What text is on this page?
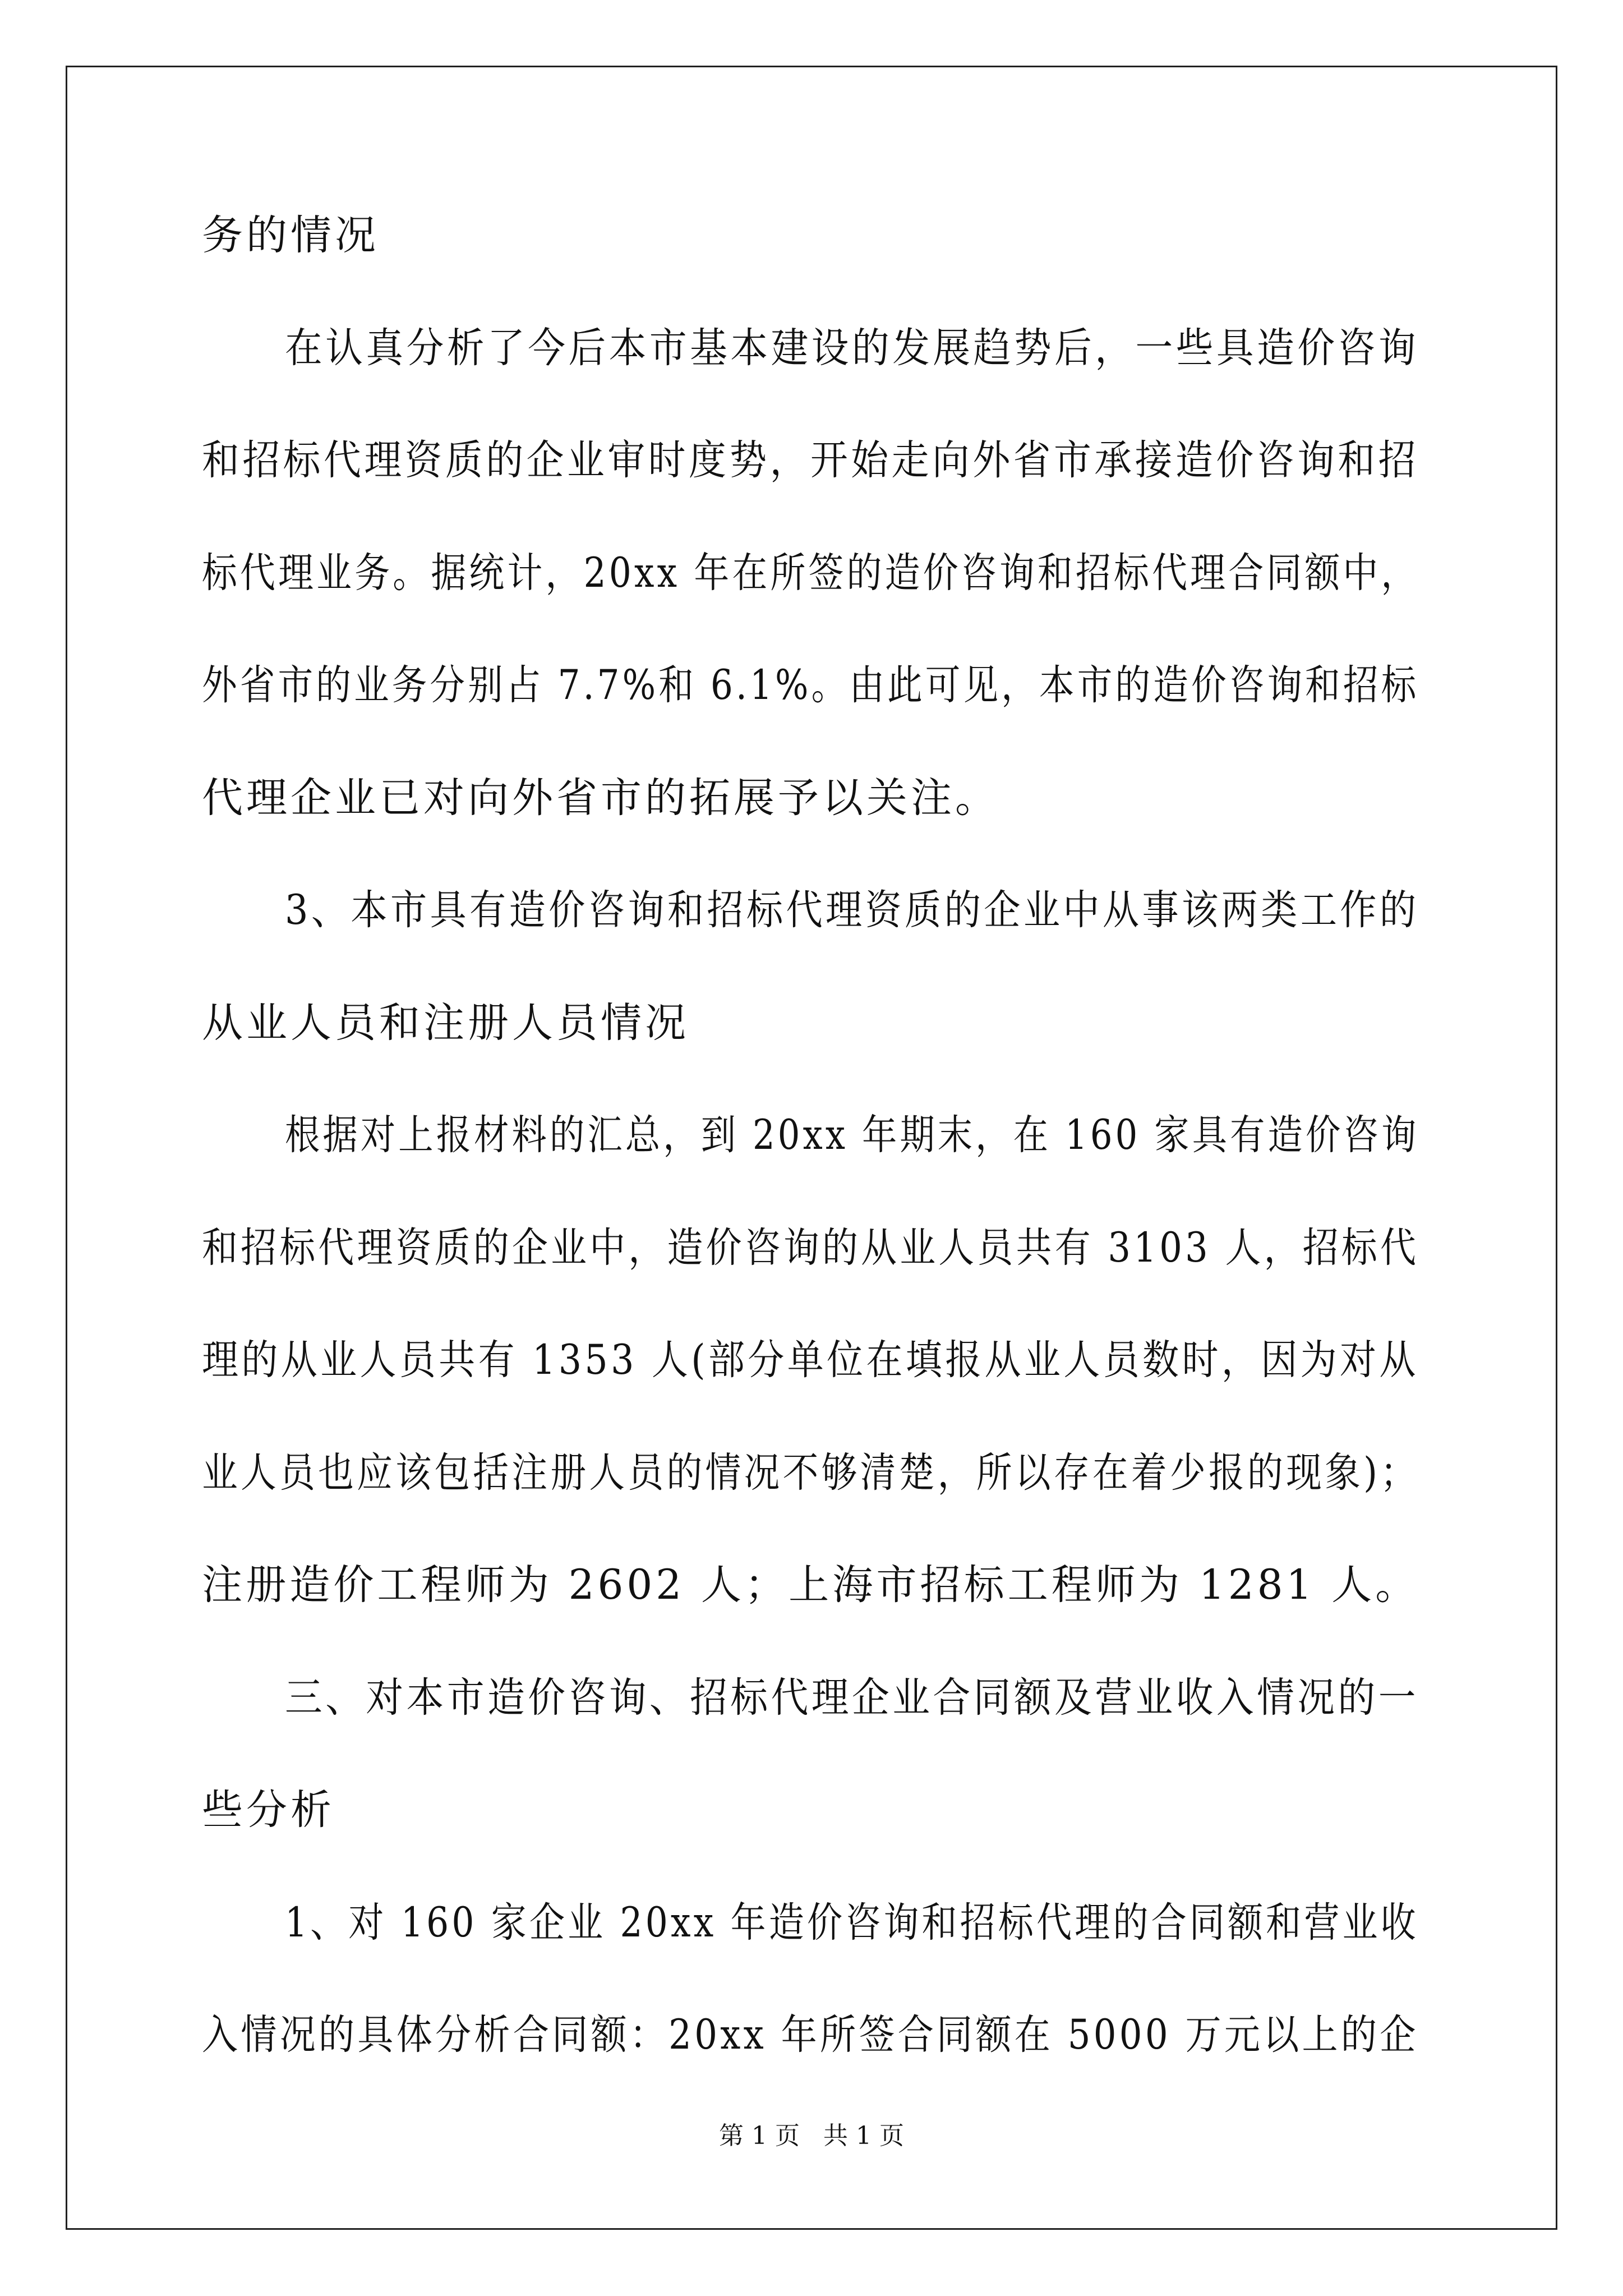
务的情况
在认真分析了今后本市基本建设的发展趋势后，一些具造价咨询
和招标代理资质的企业审时度势，开始走向外省市承接造价咨询和招
标代理业务。据统计，20xx 年在所签的造价咨询和招标代理合同额中，
外省市的业务分别占 7.7%和 6.1%。由此可见，本市的造价咨询和招标
代理企业已对向外省市的拓展予以关注。
3、本市具有造价咨询和招标代理资质的企业中从事该两类工作的
从业人员和注册人员情况
根据对上报材料的汇总，到 20xx 年期末，在 160 家具有造价咨询
和招标代理资质的企业中，造价咨询的从业人员共有 3103 人，招标代
理的从业人员共有 1353 人(部分单位在填报从业人员数时，因为对从
业人员也应该包括注册人员的情况不够清楚，所以存在着少报的现象)；
注册造价工程师为 2602 人；上海市招标工程师为 1281 人。
三、对本市造价咨询、招标代理企业合同额及营业收入情况的一
些分析
1、对 160 家企业 20xx 年造价咨询和招标代理的合同额和营业收
入情况的具体分析合同额：20xx 年所签合同额在 5000 万元以上的企
第 1 页   共 1 页
